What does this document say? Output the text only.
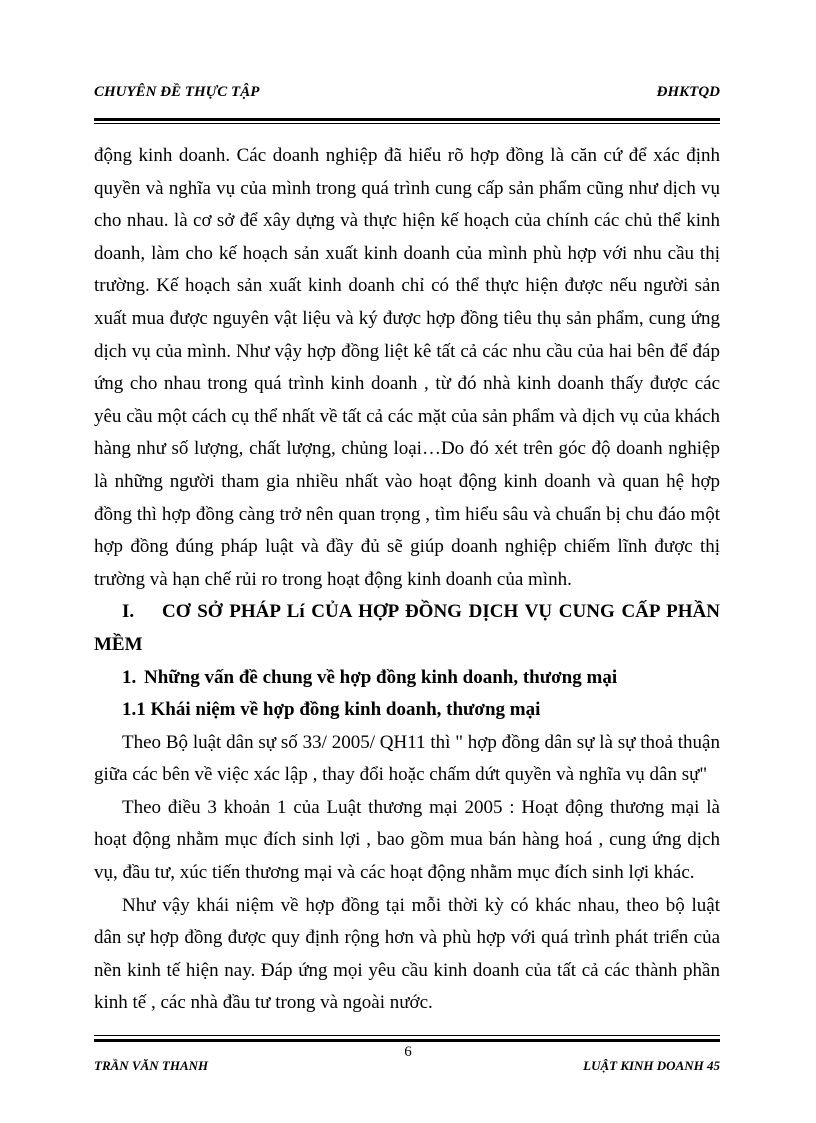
CHUYÊN ĐỀ THỰC TẬP	ĐHKTQD

động kinh doanh. Các doanh nghiệp đã hiểu rõ hợp đồng là căn cứ để xác định quyền và nghĩa vụ của mình trong quá trình cung cấp sản phẩm cũng như dịch vụ cho nhau. là cơ sở để xây dựng và thực hiện kế hoạch của chính các chủ thể kinh doanh, làm cho kế hoạch sản xuất kinh doanh của mình phù hợp với nhu cầu thị trường. Kế hoạch sản xuất kinh doanh chỉ có thể thực hiện được nếu người sản xuất mua được nguyên vật liệu và ký được hợp đồng tiêu thụ sản phẩm, cung ứng dịch vụ của mình. Như vậy hợp đồng liệt kê tất cả các nhu cầu của hai bên để đáp ứng cho nhau trong quá trình kinh doanh , từ đó nhà kinh doanh thấy được các yêu cầu một cách cụ thể nhất về tất cả các mặt của sản phẩm và dịch vụ của khách hàng như số lượng, chất lượng, chủng loại…Do đó xét trên góc độ doanh nghiệp là những người tham gia nhiều nhất vào hoạt động kinh doanh và quan hệ hợp đồng thì hợp đồng càng trở nên quan trọng , tìm hiểu sâu và chuẩn bị chu đáo một hợp đồng đúng pháp luật và đầy đủ sẽ giúp doanh nghiệp chiếm lĩnh được thị trường và hạn chế rủi ro trong hoạt động kinh doanh của mình.

I. CƠ SỞ PHÁP Lí CỦA HỢP ĐỒNG DỊCH VỤ CUNG CẤP PHẦN MỀM

1. Những vấn đề chung về hợp đồng kinh doanh, thương mại

1.1 Khái niệm về hợp đồng kinh doanh, thương mại

Theo Bộ luật dân sự số 33/ 2005/ QH11 thì " hợp đồng dân sự là sự thoả thuận giữa các bên về việc xác lập , thay đổi hoặc chấm dứt quyền và nghĩa vụ dân sự"

Theo điều 3 khoản 1 của Luật thương mại 2005 : Hoạt động thương mại là hoạt động nhằm mục đích sinh lợi , bao gồm mua bán hàng hoá , cung ứng dịch vụ, đầu tư, xúc tiến thương mại và các hoạt động nhằm mục đích sinh lợi khác.

Như vậy khái niệm về hợp đồng tại mỗi thời kỳ có khác nhau, theo bộ luật dân sự hợp đồng được quy định rộng hơn và phù hợp với quá trình phát triển của nền kinh tế hiện nay. Đáp ứng mọi yêu cầu kinh doanh của tất cả các thành phần kinh tế , các nhà đầu tư trong và ngoài nước.

6
TRẦN VĂN THANH	LUẬT KINH DOANH 45
